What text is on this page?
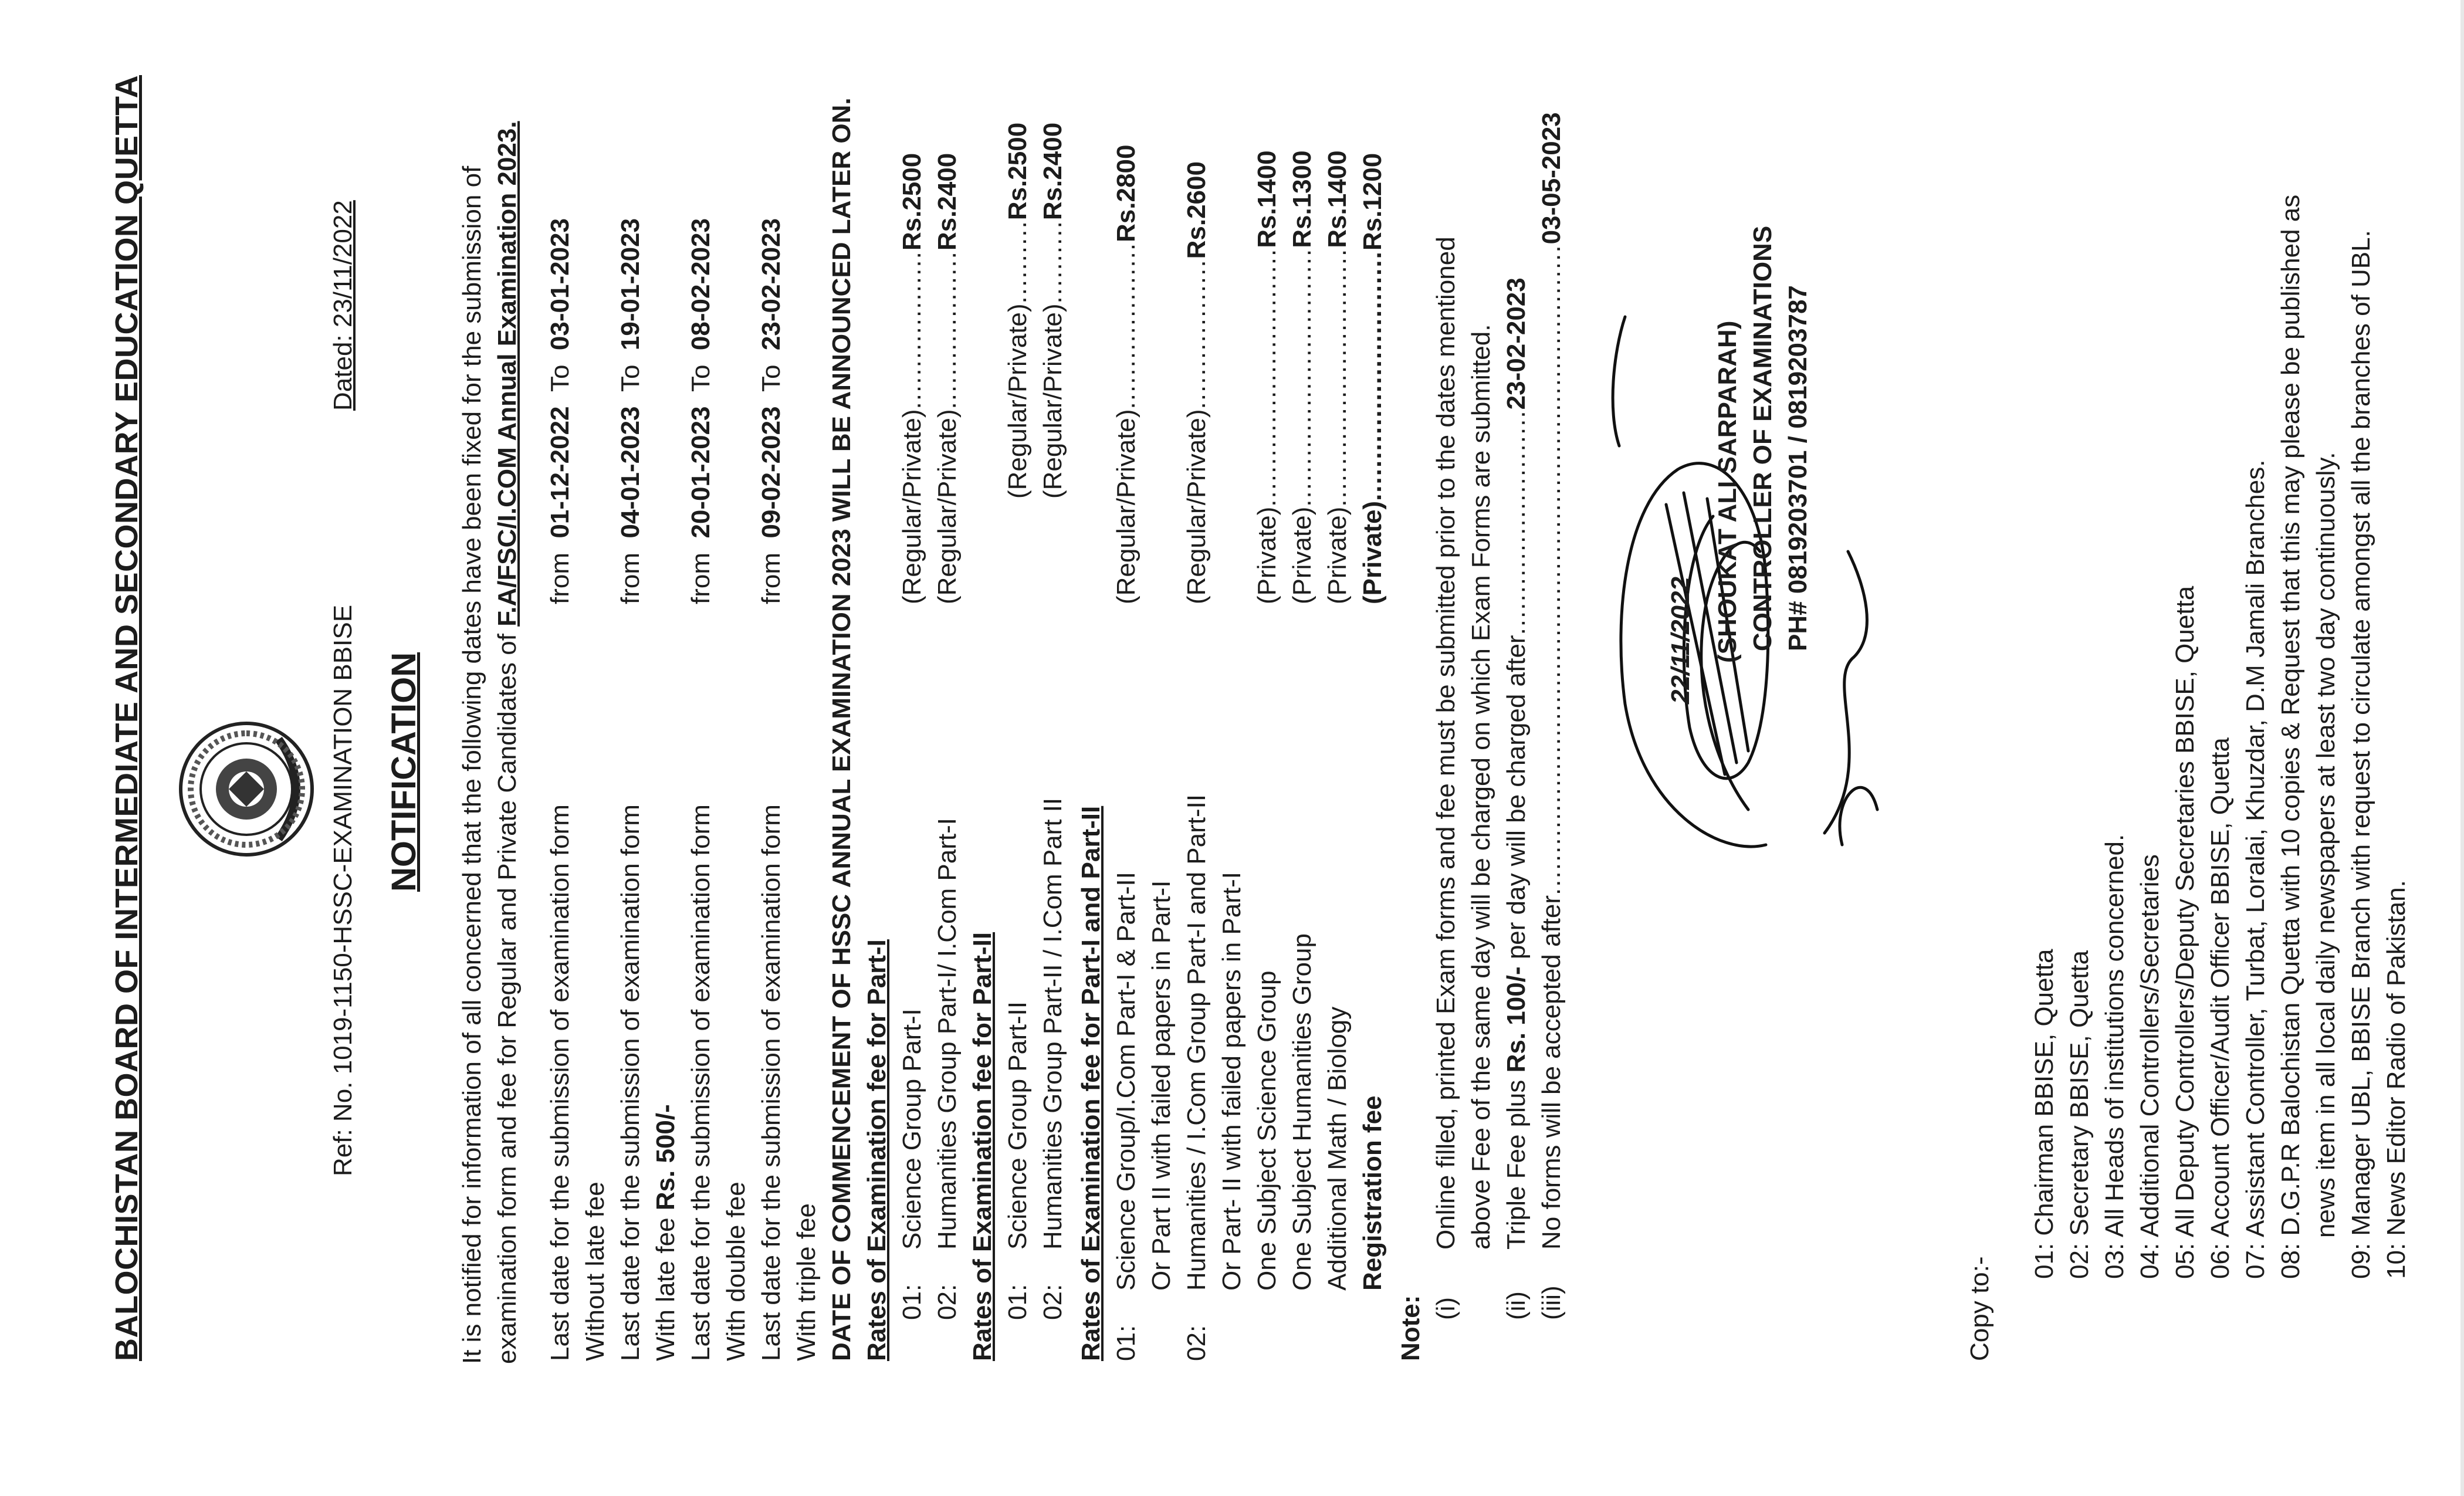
BALOCHISTAN BOARD OF INTERMEDIATE AND SECONDARY EDUCATION QUETTA	Ref: No. 1019-1150-HSSC-EXAMINATION BBISE
Dated: 23/11/2022
NOTIFICATION It is notified for information of all concerned that the following dates have been fixed for the submission of examination form and fee for Regular and Private Candidates of F.A/FSC/I.COM Annual Examination 2023.
Last date for the submission of examination form Without late fee
from  01-12-2022  To  03-01-2023
Last date for the submission of examination form With late fee Rs. 500/-
from  04-01-2023  To  19-01-2023
Last date for the submission of examination form With double fee
from  20-01-2023  To  08-02-2023
Last date for the submission of examination form With triple fee
from  09-02-2023  To  23-02-2023 DATE OF COMMENCEMENT OF HSSC ANNUAL EXAMINATION 2023 WILL BE ANNOUNCED LATER ON. Rates of Examination fee for Part-I 01:
Science Group Part-I
(Regular/Private)...................Rs.2500
02:
Humanities Group Part-I/ I.Com Part-I
(Regular/Private)...................Rs.2400
Rates of Examination fee for Part-II 01:
Science Group Part-II
(Regular/Private)..........Rs.2500
02:
Humanities Group Part-II / I.Com Part II
(Regular/Private)..........Rs.2400
Rates of Examination fee for Part-I and Part-II 01:
Science Group/I.Com Part-I & Part-II Or Part II with failed papers in Part-I
(Regular/Private)....................Rs.2800
02:
Humanities / I.Com Group Part-I and Part-II Or Part- II with failed papers in Part-I
(Regular/Private)..................Rs.2600
One Subject Science Group
(Private)...............................Rs.1400
One Subject Humanities Group
(Private)...............................Rs.1300
Additional Math / Biology
(Private)...............................Rs.1400
Registration fee
(Private)..............................Rs.1200
Note: (i)
Online filled, printed Exam forms and fee must be submitted prior to the dates mentioned above Fee of the same day will be charged on which Exam Forms are submitted.
(ii)
Triple Fee plus Rs. 100/- per day will be charged after...........................23-02-2023
(iii)
No forms will be accepted after..............................................................................03-05-2023
22/11/2022 (SHOUKAT ALI SARPARAH) CONTROLLER OF EXAMINATIONS PH# 0819203701 / 0819203787
Copy to:-
01: Chairman BBISE, Quetta 02: Secretary BBISE, Quetta 03: All Heads of institutions concerned. 04: Additional Controllers/Secretaries 05: All Deputy Controllers/Deputy Secretaries BBISE, Quetta 06: Account Officer/Audit Officer BBISE, Quetta 07: Assistant Controller, Turbat, Loralai, Khuzdar, D.M Jamali Branches. 08: D.G.P.R Balochistan Quetta with 10 copies & Request that this may please be published as news item in all local daily newspapers at least two day continuously. 09: Manager UBL, BBISE Branch with request to circulate amongst all the branches of UBL. 10: News Editor Radio of Pakistan.
